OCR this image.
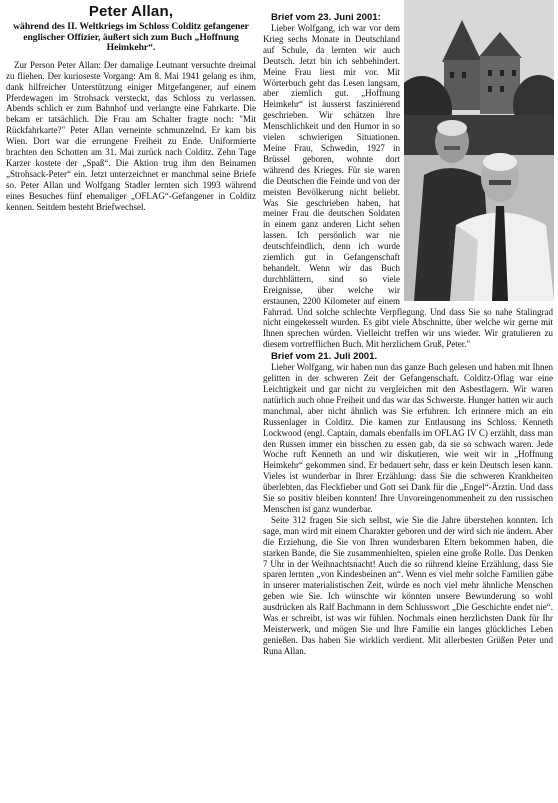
Peter Allan,

während des II. Weltkriegs im Schloss Colditz gefangener englischer Offizier, äußert sich zum Buch „Hoffnung Heimkehr“.

Zur Person Peter Allan: Der damalige Leutnant versuchte dreimal zu fliehen. Der kurioseste Vorgang: Am 8. Mai 1941 gelang es ihm, dank hilfreicher Unterstützung einiger Mitgefangener, auf einem Pferdewagen im Strohsack versteckt, das Schloss zu verlassen. Abends schlich er zum Bahnhof und verlangte eine Fahrkarte. Die bekam er tatsächlich. Die Frau am Schalter fragte noch: "Mit Rückfahrkarte?" Peter Allan verneinte schmunzelnd. Er kam bis Wien. Dort war die errungene Freiheit zu Ende. Uniformierte brachten den Schotten am 31. Mai zurück nach Colditz. Zehn Tage Karzer kostete der „Spaß“. Die Aktion trug ihm den Beinamen „Strohsack-Peter“ ein. Jetzt unterzeichnet er manchmal seine Briefe so. Peter Allan und Wolfgang Stadler lernten sich 1993 während eines Besuches fünf ehemaliger „OFLAG“-Gefangener in Colditz kennen. Seitdem besteht Briefwechsel.

Brief vom 23. Juni 2001:

Lieber Wolfgang, ich war vor dem Krieg sechs Monate in Deutschland auf Schule, da lernten wir auch Deutsch. Jetzt bin ich sehbehindert. Meine Frau liest mir vor. Mit Wörterbuch geht das Lesen langsam, aber ziemlich gut. „Hoffnung Heimkehr“ ist äusserst faszinierend geschrieben. Wir schätzen Ihre Menschlichkeit und den Humor in so vielen schwierigen Situationen. Meine Frau, Schwedin, 1927 in Brüssel geboren, wohnte dort während des Krieges. Für sie waren die Deutschen die Feinde und von der meisten Bevölkerung nicht beliebt. Was Sie geschrieben haben, hat meiner Frau die deutschen Soldaten in einem ganz anderen Licht sehen lassen. Ich persönlich war nie deutschfeindlich, denn ich wurde ziemlich gut in Gefangenschaft behandelt. Wenn wir das Buch durchblättern, sind so viele Ereignisse, über welche wir erstaunen, 2200 Kilometer auf einem Fahrrad. Und solche schlechte Verpflegung. Und dass Sie so nahe Stalingrad nicht eingekesselt wurden. Es gibt viele Abschnitte, über welche wir gerne mit Ihnen sprechen würden. Vielleicht treffen wir uns wieder. Wir gratulieren zu diesem vortrefflichen Buch. Mit herzlichem Gruß, Peter."

Brief vom 21. Juli 2001.

Lieber Wolfgang, wir haben nun das ganze Buch gelesen und haben mit Ihnen gelitten in der schweren Zeit der Gefangenschaft. Colditz-Oflag war eine Leichtigkeit und gar nicht zu vergleichen mit den Asbestlagern. Wir waren natürlich auch ohne Freiheit und das war das Schwerste. Hunger hatten wir auch manchmal, aber nicht ähnlich was Sie erfuhren. Ich erinnere mich an ein Russenlager in Colditz. Die kamen zur Entlausung ins Schloss. Kenneth Lockwood (engl. Captain, damals ebenfalls im OFLAG IV C) erzählt, dass man den Russen immer ein bisschen zu essen gab, da sie so schwach waren. Jede Woche ruft Kenneth an und wir diskutieren, wie weit wir in „Hoffnung Heimkehr“ gekommen sind. Er bedauert sehr, dass er kein Deutsch lesen kann. Vieles ist wunderbar in Ihrer Erzählung: dass Sie die schweren Krankheiten überlebten, das Fleckfieber und Gott sei Dank für die „Engel“-Ärztin. Und dass Sie so positiv bleiben konnten! Ihre Unvoreingenommenheit zu den russischen Menschen ist ganz wunderbar.

Seite 312 fragen Sie sich selbst, wie Sie die Jahre überstehen konnten. Ich sage, man wird mit einem Charakter geboren und der wird sich nie ändern. Aber die Erziehung, die Sie von Ihren wunderbaren Eltern bekommen haben, die starken Bande, die Sie zusammenhielten, spielen eine große Rolle. Das Denken 7 Uhr in der Weihnachtsnacht! Auch die so rührend kleine Erzählung, dass Sie sparen lernten „von Kindesbeinen an“. Wenn es viel mehr solche Familien gäbe in unserer materialistischen Zeit, würde es noch viel mehr ähnliche Menschen geben wie Sie. Ich wünschte wir könnten unsere Bewunderung so wohl ausdrücken als Ralf Bachmann in dem Schlusswort „Die Geschichte endet nie“. Was er schreibt, ist was wir fühlen. Nochmals einen herzlichsten Dank für Ihr Meisterwerk, und mögen Sie und Ihre Familie ein langes glückliches Leben genießen. Das haben Sie wirklich verdient. Mit allerbesten Grüßen Peter und Runa Allan.
